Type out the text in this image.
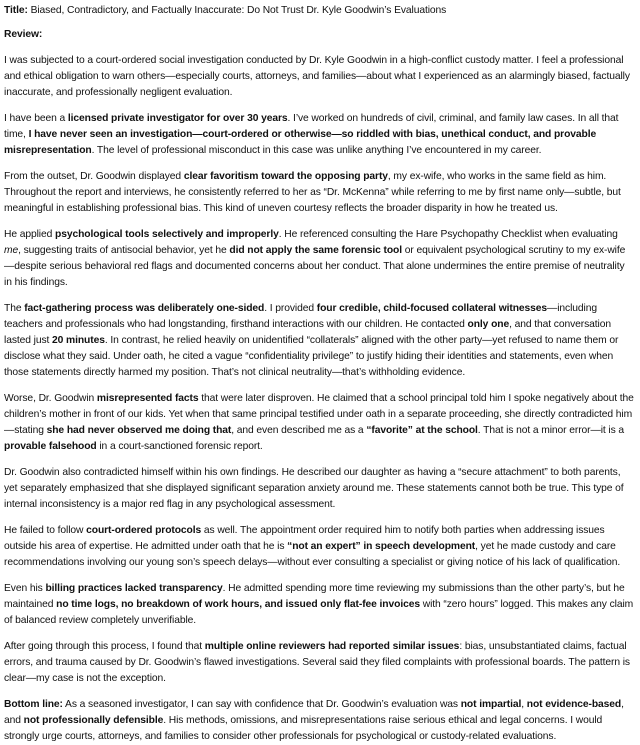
Title: Biased, Contradictory, and Factually Inaccurate: Do Not Trust Dr. Kyle Goodwin’s Evaluations

Review:

I was subjected to a court-ordered social investigation conducted by Dr. Kyle Goodwin in a high-conflict custody matter. I feel a professional and ethical obligation to warn others—especially courts, attorneys, and families—about what I experienced as an alarmingly biased, factually inaccurate, and professionally negligent evaluation.

I have been a licensed private investigator for over 30 years. I’ve worked on hundreds of civil, criminal, and family law cases. In all that time, I have never seen an investigation—court-ordered or otherwise—so riddled with bias, unethical conduct, and provable misrepresentation. The level of professional misconduct in this case was unlike anything I’ve encountered in my career.

From the outset, Dr. Goodwin displayed clear favoritism toward the opposing party, my ex-wife, who works in the same field as him. Throughout the report and interviews, he consistently referred to her as “Dr. McKenna” while referring to me by first name only—subtle, but meaningful in establishing professional bias. This kind of uneven courtesy reflects the broader disparity in how he treated us.

He applied psychological tools selectively and improperly. He referenced consulting the Hare Psychopathy Checklist when evaluating me, suggesting traits of antisocial behavior, yet he did not apply the same forensic tool or equivalent psychological scrutiny to my ex-wife—despite serious behavioral red flags and documented concerns about her conduct. That alone undermines the entire premise of neutrality in his findings.

The fact-gathering process was deliberately one-sided. I provided four credible, child-focused collateral witnesses—including teachers and professionals who had longstanding, firsthand interactions with our children. He contacted only one, and that conversation lasted just 20 minutes. In contrast, he relied heavily on unidentified “collaterals” aligned with the other party—yet refused to name them or disclose what they said. Under oath, he cited a vague “confidentiality privilege” to justify hiding their identities and statements, even when those statements directly harmed my position. That’s not clinical neutrality—that’s withholding evidence.

Worse, Dr. Goodwin misrepresented facts that were later disproven. He claimed that a school principal told him I spoke negatively about the children’s mother in front of our kids. Yet when that same principal testified under oath in a separate proceeding, she directly contradicted him—stating she had never observed me doing that, and even described me as a “favorite” at the school. That is not a minor error—it is a provable falsehood in a court-sanctioned forensic report.

Dr. Goodwin also contradicted himself within his own findings. He described our daughter as having a “secure attachment” to both parents, yet separately emphasized that she displayed significant separation anxiety around me. These statements cannot both be true. This type of internal inconsistency is a major red flag in any psychological assessment.

He failed to follow court-ordered protocols as well. The appointment order required him to notify both parties when addressing issues outside his area of expertise. He admitted under oath that he is “not an expert” in speech development, yet he made custody and care recommendations involving our young son’s speech delays—without ever consulting a specialist or giving notice of his lack of qualification.

Even his billing practices lacked transparency. He admitted spending more time reviewing my submissions than the other party’s, but he maintained no time logs, no breakdown of work hours, and issued only flat-fee invoices with “zero hours” logged. This makes any claim of balanced review completely unverifiable.

After going through this process, I found that multiple online reviewers had reported similar issues: bias, unsubstantiated claims, factual errors, and trauma caused by Dr. Goodwin’s flawed investigations. Several said they filed complaints with professional boards. The pattern is clear—my case is not the exception.

Bottom line: As a seasoned investigator, I can say with confidence that Dr. Goodwin’s evaluation was not impartial, not evidence-based, and not professionally defensible. His methods, omissions, and misrepresentations raise serious ethical and legal concerns. I would strongly urge courts, attorneys, and families to consider other professionals for psychological or custody-related evaluations.
